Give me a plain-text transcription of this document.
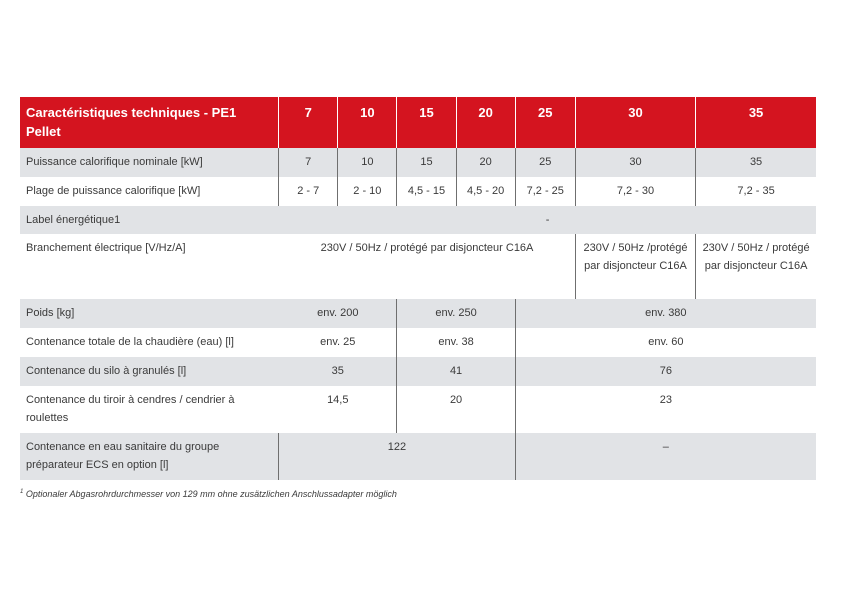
Caractéristiques techniques - PE1 Pellet	7	10	15	20	25	30	35
Puissance calorifique nominale [kW]	7	10	15	20	25	30	35
Plage de puissance calorifique [kW]	2 - 7	2 - 10	4,5 - 15	4,5 - 20	7,2 - 25	7,2 - 30	7,2 - 35
Label énergétique1	-						
Branchement électrique [V/Hz/A]	230V / 50Hz / protégé par disjoncteur C16A					230V / 50Hz /protégé par disjoncteur C16A	230V / 50Hz / protégé par disjoncteur C16A
Poids [kg]	env. 200		env. 250		env. 380		
Contenance totale de la chaudière (eau) [l]	env. 25		env. 38		env. 60		
Contenance du silo à granulés [l]	35		41		76		
Contenance du tiroir à cendres / cendrier à roulettes	14,5		20		23		
Contenance en eau sanitaire du groupe préparateur ECS en option [l]	122				–		
$^1$ Optionaler Abgasrohrdurchmesser von 129 mm ohne zusätzlichen Anschlussadapter möglich
